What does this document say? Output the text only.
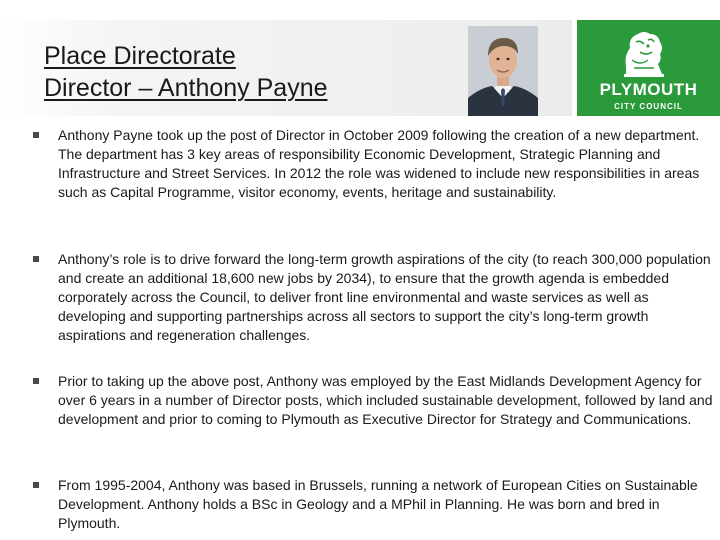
Place Directorate
Director – Anthony Payne	PLYMOUTH
CITY COUNCIL
Anthony Payne took up the post of Director in October 2009 following the creation of a new department. The department has 3 key areas of responsibility Economic Development, Strategic Planning and Infrastructure and Street Services. In 2012 the role was widened to include new responsibilities in areas such as Capital Programme, visitor economy, events, heritage and sustainability.
Anthony’s role is to drive forward the long-term growth aspirations of the city (to reach 300,000 population and create an additional 18,600 new jobs by 2034), to ensure that the growth agenda is embedded corporately across the Council, to deliver front line environmental and waste services as well as developing and supporting partnerships across all sectors to support the city’s long-term growth aspirations and regeneration challenges.
Prior to taking up the above post, Anthony was employed by the East Midlands Development Agency for over 6 years in a number of Director posts, which included sustainable development, followed by land and development and prior to coming to Plymouth as Executive Director for Strategy and Communications.
From 1995-2004, Anthony was based in Brussels, running a network of European Cities on Sustainable Development. Anthony holds a BSc in Geology and a MPhil in Planning. He was born and bred in Plymouth.
